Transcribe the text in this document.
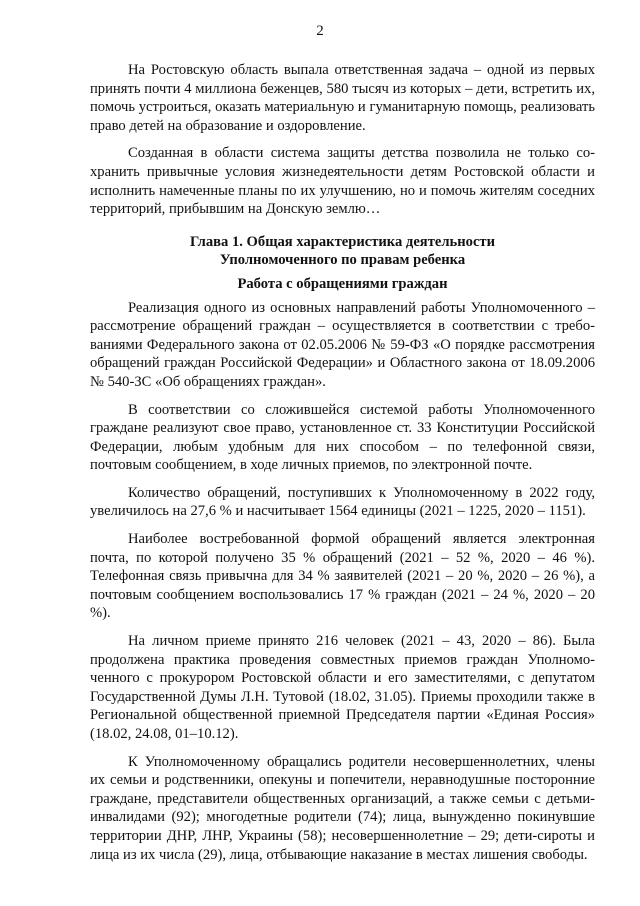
2

На Ростовскую область выпала ответственная задача – одной из первых принять почти 4 миллиона беженцев, 580 тысяч из которых – дети, встретить их, помочь устроиться, оказать материальную и гуманитарную помощь, реализовать право детей на образование и оздоровление.

Созданная в области система защиты детства позволила не только сохранить привычные условия жизнедеятельности детям Ростовской области и исполнить намеченные планы по их улучшению, но и помочь жителям соседних территорий, прибывшим на Донскую землю…

Глава 1. Общая характеристика деятельности
Уполномоченного по правам ребенка
Работа с обращениями граждан

Реализация одного из основных направлений работы Уполномоченного – рассмотрение обращений граждан – осуществляется в соответствии с требованиями Федерального закона от 02.05.2006 № 59-ФЗ «О порядке рассмотрения обращений граждан Российской Федерации» и Областного закона от 18.09.2006 № 540-ЗС «Об обращениях граждан».

В соответствии со сложившейся системой работы Уполномоченного граждане реализуют свое право, установленное ст. 33 Конституции Российской Федерации, любым удобным для них способом – по телефонной связи, почтовым сообщением, в ходе личных приемов, по электронной почте.

Количество обращений, поступивших к Уполномоченному в 2022 году, увеличилось на 27,6 % и насчитывает 1564 единицы (2021 – 1225, 2020 – 1151).

Наиболее востребованной формой обращений является электронная почта, по которой получено 35 % обращений (2021 – 52 %, 2020 – 46 %). Телефонная связь привычна для 34 % заявителей (2021 – 20 %, 2020 – 26 %), а почтовым сообщением воспользовались 17 % граждан (2021 – 24 %, 2020 – 20 %).

На личном приеме принято 216 человек (2021 – 43, 2020 – 86). Была продолжена практика проведения совместных приемов граждан Уполномоченного с прокурором Ростовской области и его заместителями, с депутатом Государственной Думы Л.Н. Тутовой (18.02, 31.05). Приемы проходили также в Региональной общественной приемной Председателя партии «Единая Россия» (18.02, 24.08, 01–10.12).

К Уполномоченному обращались родители несовершеннолетних, члены их семьи и родственники, опекуны и попечители, неравнодушные посторонние граждане, представители общественных организаций, а также семьи с детьми-инвалидами (92); многодетные родители (74); лица, вынужденно покинувшие территории ДНР, ЛНР, Украины (58); несовершеннолетние – 29; дети-сироты и лица из их числа (29), лица, отбывающие наказание в местах лишения свободы.
